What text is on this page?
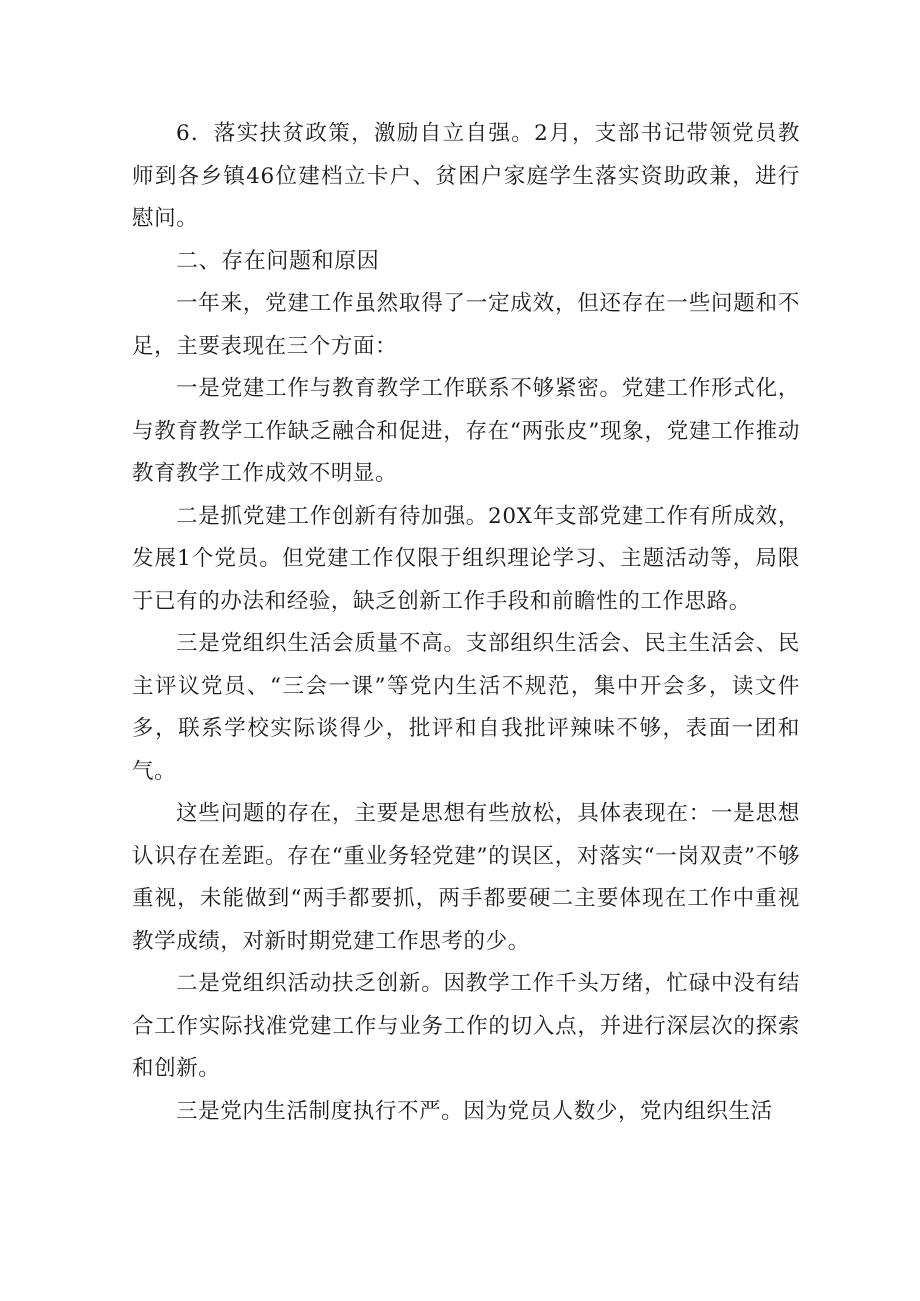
6．落实扶贫政策，激励自立自强。2月，支部书记带领党员教师到各乡镇46位建档立卡户、贫困户家庭学生落实资助政兼，进行慰问。

二、存在问题和原因

一年来，党建工作虽然取得了一定成效，但还存在一些问题和不足，主要表现在三个方面：

一是党建工作与教育教学工作联系不够紧密。党建工作形式化，与教育教学工作缺乏融合和促进，存在“两张皮”现象，党建工作推动教育教学工作成效不明显。

二是抓党建工作创新有待加强。20X年支部党建工作有所成效，发展1个党员。但党建工作仅限于组织理论学习、主题活动等，局限于已有的办法和经验，缺乏创新工作手段和前瞻性的工作思路。

三是党组织生活会质量不高。支部组织生活会、民主生活会、民主评议党员、“三会一课”等党内生活不规范，集中开会多，读文件多，联系学校实际谈得少，批评和自我批评辣味不够，表面一团和气。

这些问题的存在，主要是思想有些放松，具体表现在：一是思想认识存在差距。存在“重业务轻党建”的误区，对落实“一岗双责”不够重视，未能做到“两手都要抓，两手都要硬二主要体现在工作中重视教学成绩，对新时期党建工作思考的少。

二是党组织活动扶乏创新。因教学工作千头万绪，忙碌中没有结合工作实际找准党建工作与业务工作的切入点，并进行深层次的探索和创新。

三是党内生活制度执行不严。因为党员人数少，党内组织生活
